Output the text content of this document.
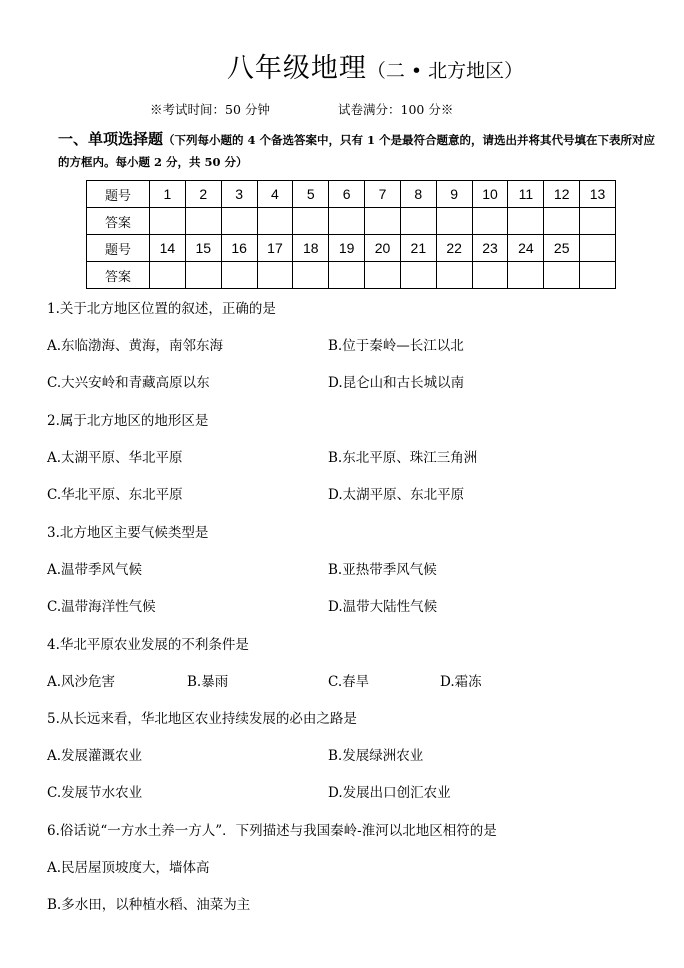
八年级地理（二 • 北方地区）
※考试时间：50 分钟	试卷满分：100 分※
一、单项选择题（下列每小题的 4 个备选答案中，只有 1 个是最符合题意的，请选出并将其代号填在下表所对应的方框内。每小题 2 分，共 50 分）
题号	1	2	3	4	5	6	7	8	9	10	11	12	13
答案													
题号	14	15	16	17	18	19	20	21	22	23	24	25	
答案													
1.关于北方地区位置的叙述，正确的是
A.东临渤海、黄海，南邻东海	B.位于秦岭—长江以北
C.大兴安岭和青藏高原以东	D.昆仑山和古长城以南
2.属于北方地区的地形区是
A.太湖平原、华北平原	B.东北平原、珠江三角洲
C.华北平原、东北平原	D.太湖平原、东北平原
3.北方地区主要气候类型是
A.温带季风气候	B.亚热带季风气候
C.温带海洋性气候	D.温带大陆性气候
4.华北平原农业发展的不利条件是
A.风沙危害	B.暴雨	C.春旱	D.霜冻
5.从长远来看，华北地区农业持续发展的必由之路是
A.发展灌溉农业	B.发展绿洲农业
C.发展节水农业	D.发展出口创汇农业
6.俗话说“一方水土养一方人”．下列描述与我国秦岭-淮河以北地区相符的是
A.民居屋顶坡度大，墙体高
B.多水田，以种植水稻、油菜为主
